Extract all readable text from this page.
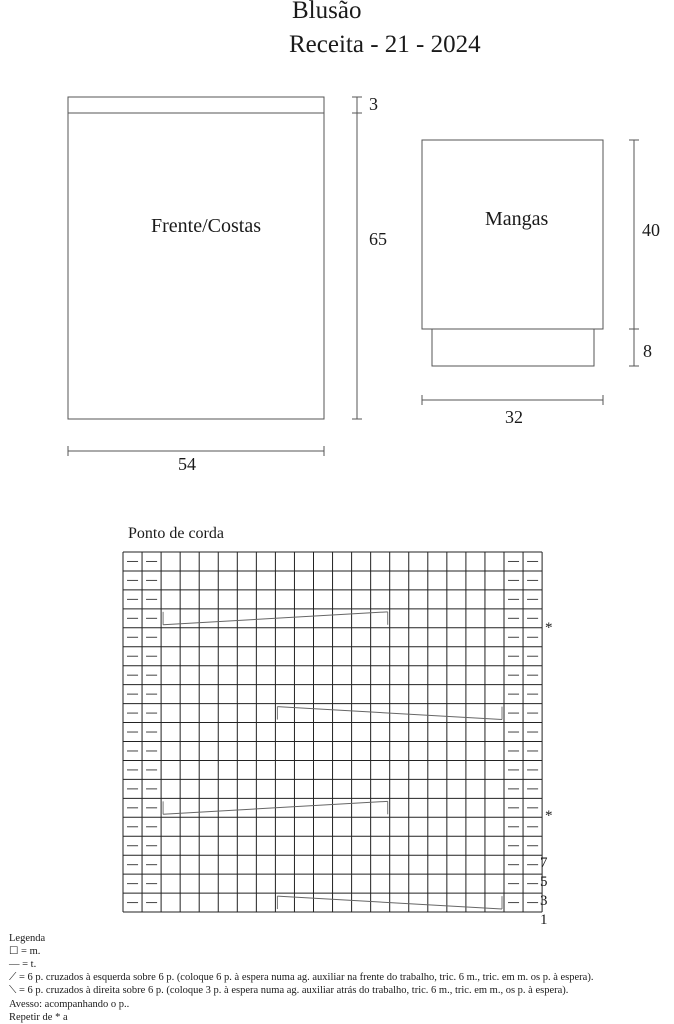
Blusão
Receita - 21 - 2024
Frente/Costas
3
65
54
Mangas	40
8
32
Ponto de corda
*
*
7
5
3
1
Legenda
☐ = m.
— = t.
⟋ = 6 p. cruzados à esquerda sobre 6 p. (coloque 6 p. à espera numa ag. auxiliar na frente do trabalho, tric. 6 m., tric. em m. os p. à espera).
⟍ = 6 p. cruzados à direita sobre 6 p. (coloque 3 p. à espera numa ag. auxiliar atrás do trabalho, tric. 6 m., tric. em m., os p. à espera).
Avesso: acompanhando o p..
Repetir de * a
